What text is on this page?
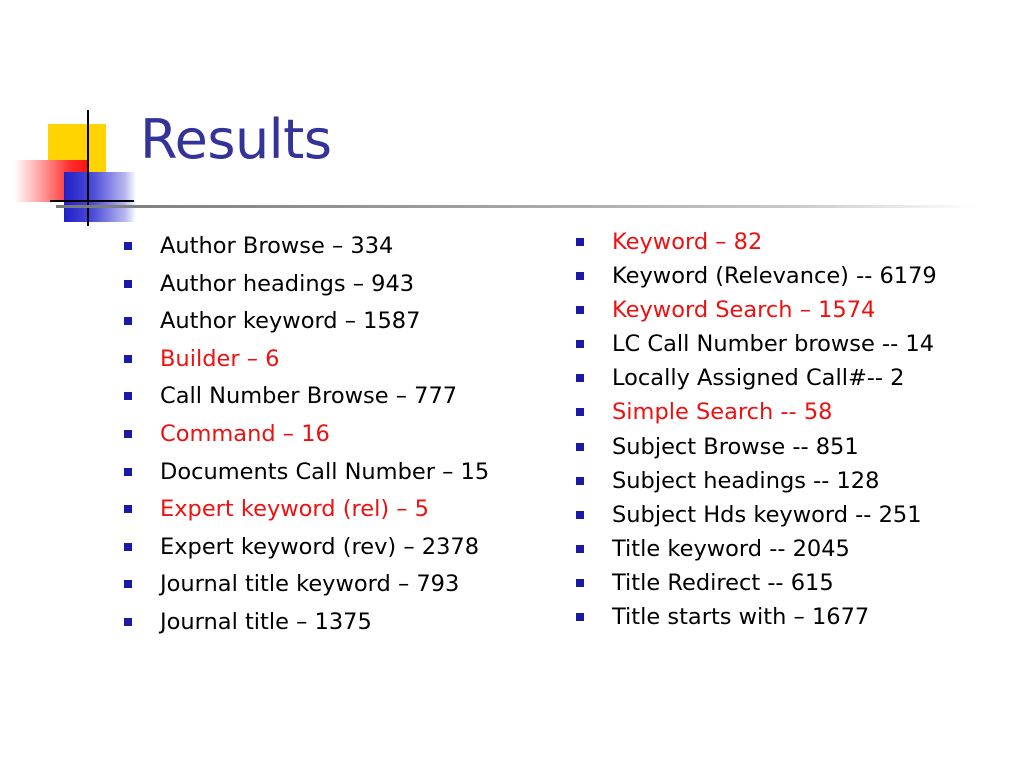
Results
Author Browse – 334
Author headings – 943
Author keyword – 1587
Builder – 6
Call Number Browse – 777
Command – 16
Documents Call Number – 15
Expert keyword (rel) – 5
Expert keyword (rev) – 2378
Journal title keyword – 793
Journal title – 1375
Keyword – 82
Keyword (Relevance) -- 6179
Keyword Search – 1574
LC Call Number browse -- 14
Locally Assigned Call#-- 2
Simple Search -- 58
Subject Browse -- 851
Subject headings -- 128
Subject Hds keyword -- 251
Title keyword -- 2045
Title Redirect -- 615
Title starts with – 1677
